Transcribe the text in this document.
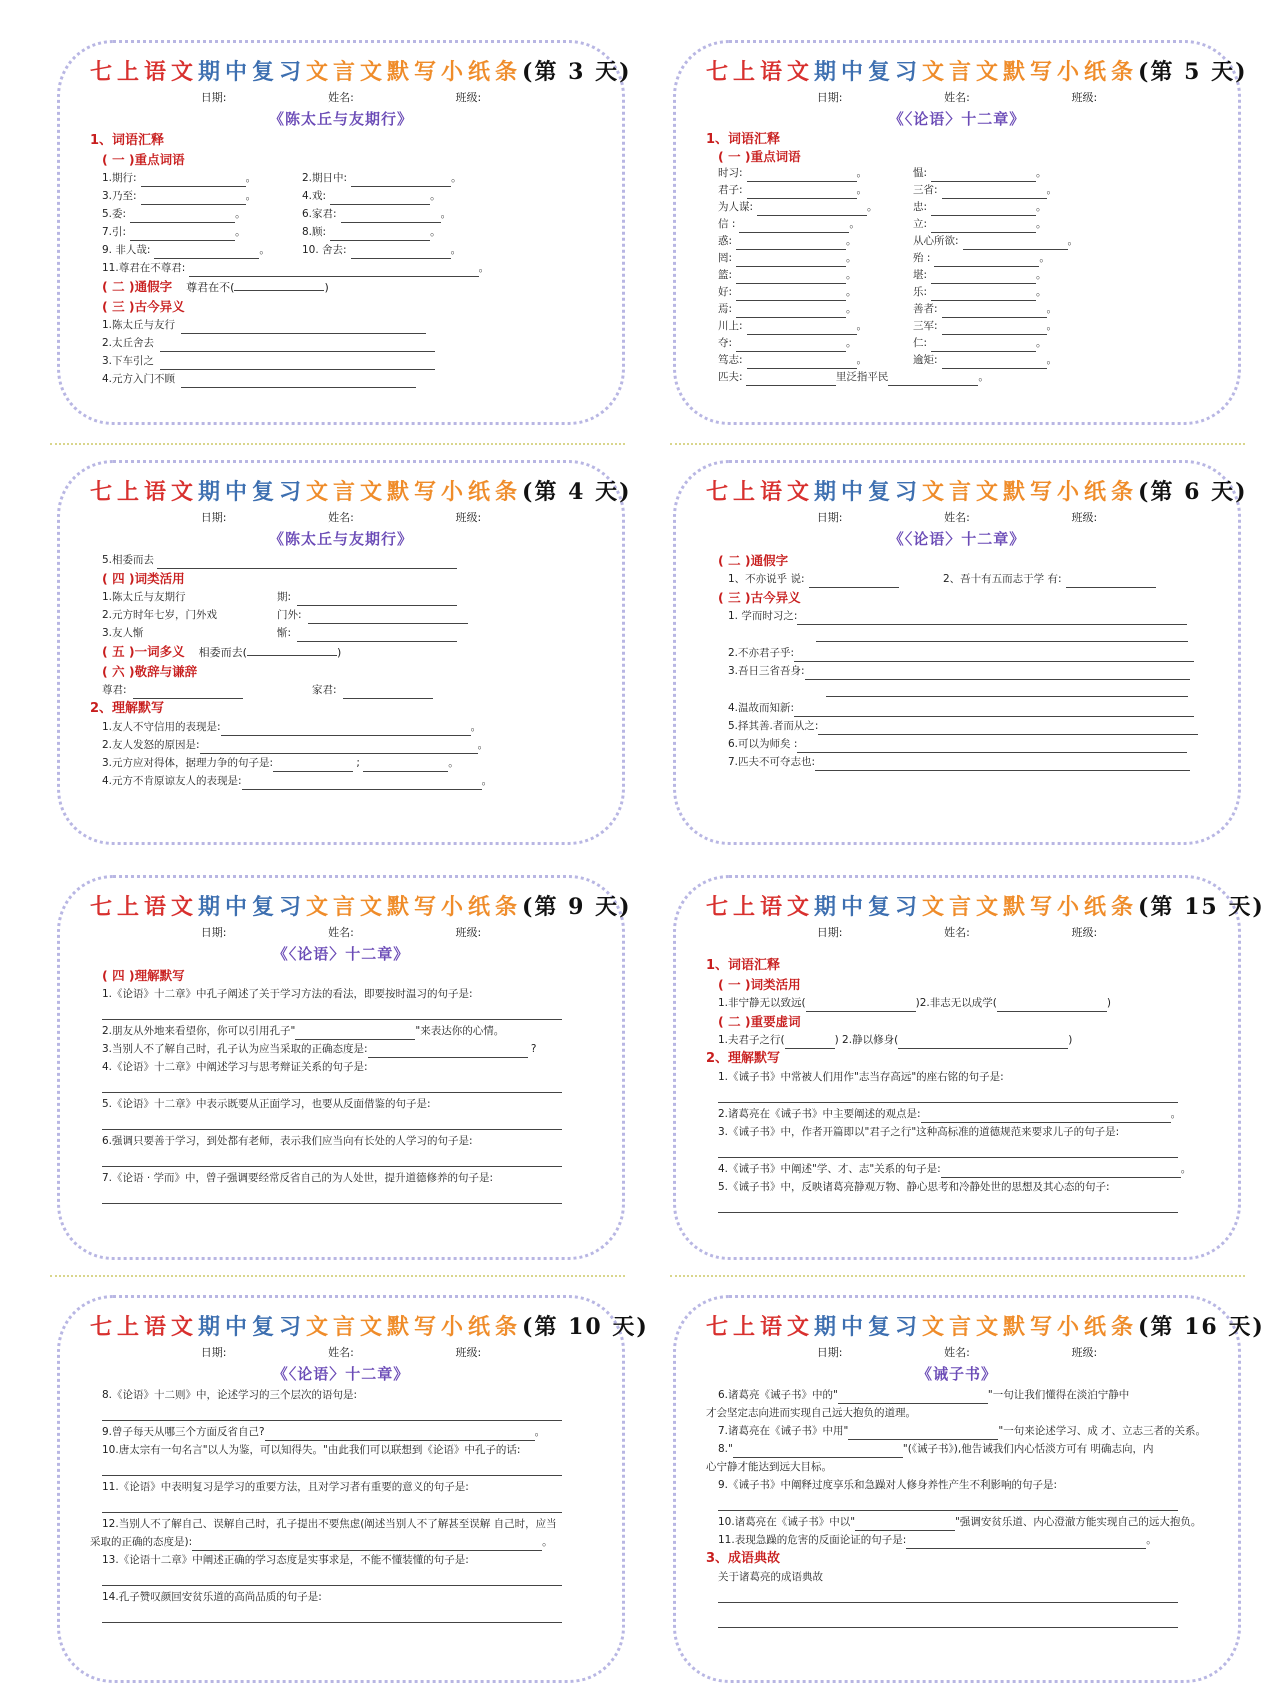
七上语文期中复习文言文默写小纸条(第 3 天)
日期:	姓名:	班级:
《陈太丘与友期行》
1、词语汇释
( 一 )重点词语
1.期行:	。	2.期日中:	。
3.乃至:	。	4.戏:	。
5.委:	。	6.家君:	。
7.引:	。	8.顾:	。
9. 非人哉:	。	10. 舍去:	。
11.尊君在不尊君:	。
( 二 )通假字 尊君在不(	)
( 三 )古今异义
1.陈太丘与友行
2.太丘舍去
3.下车引之
4.元方入门不顾
七上语文期中复习文言文默写小纸条(第 5 天)
日期:	姓名:	班级:
《〈论语〉十二章》
1、词语汇释
( 一 )重点词语
时习:	。	愠:	。
君子:	。	三省:	。
为人谋:	。	忠:	。
信 :	。	立:	。
惑:	。	从心所欲:	。
罔:	。	殆 :	。
篮:	。	堪:	。
好:	。	乐:	。
焉:	。	善者:	。
川上:	。	三军:	。
夺:	。	仁:	。
笃志:	。	逾矩:	。
匹夫:	里泛指平民	。
七上语文期中复习文言文默写小纸条(第 4 天)
日期:	姓名:	班级:
《陈太丘与友期行》
5.相委而去
( 四 )词类活用
1.陈太丘与友期行	期:
2.元方时年七岁，门外戏	门外:
3.友人惭	惭:
( 五 )一词多义 相委而去(	)
( 六 )敬辞与谦辞
尊君:	家君:
2、理解默写
1.友人不守信用的表现是:	。
2.友人发怒的原因是:	。
3.元方应对得体，据理力争的句子是:	;	。
4.元方不肯原谅友人的表现是:	。
七上语文期中复习文言文默写小纸条(第 6 天)
日期:	姓名:	班级:
《〈论语〉十二章》
( 二 )通假字
1、不亦说乎 说:	2、吾十有五而志于学 有:
( 三 )古今异义
1. 学而时习之:
2.不亦君子乎:
3.吾日三省吾身:
4.温故而知新:
5.择其善.者而从之:
6.可以为师矣 :
7.匹夫不可夺志也:
七上语文期中复习文言文默写小纸条(第 9 天)
日期:	姓名:	班级:
《〈论语〉十二章》
( 四 )理解默写
1.《论语》十二章》中孔子阐述了关于学习方法的看法，即要按时温习的句子是:
2.朋友从外地来看望你，你可以引用孔子"	"来表达你的心情。
3.当别人不了解自己时，孔子认为应当采取的正确态度是:	?
4.《论语》十二章》中阐述学习与思考辩证关系的句子是:
5.《论语》十二章》中表示既要从正面学习，也要从反面借鉴的句子是:
6.强调只要善于学习，到处都有老师，表示我们应当向有长处的人学习的句子是:
7.《论语 · 学而》中，曾子强调要经常反省自己的为人处世，提升道德修养的句子是:
七上语文期中复习文言文默写小纸条(第 15 天)
日期:	姓名:	班级:
1、词语汇释
( 一 )词类活用
1.非宁静无以致远(	)2.非志无以成学(	)
( 二 )重要虚词
1.夫君子之行(	) 2.静以修身(	)
2、理解默写
1.《诫子书》中常被人们用作"志当存高远"的座右铭的句子是:
2.诸葛亮在《诫子书》中主要阐述的观点是:	。
3.《诫子书》中，作者开篇即以"君子之行"这种高标准的道德规范来要求儿子的句子是:
4.《诫子书》中阐述"学、才、志"关系的句子是:	。
5.《诫子书》中，反映诸葛亮静观万物、静心思考和冷静处世的思想及其心态的句子:
七上语文期中复习文言文默写小纸条(第 10 天)
日期:	姓名:	班级:
《〈论语〉十二章》
8.《论语》十二则》中，论述学习的三个层次的语句是:
9.曾子每天从哪三个方面反省自己?	。
10.唐太宗有一句名言"以人为鉴，可以知得失。"由此我们可以联想到《论语》中孔子的话:
11.《论语》中表明复习是学习的重要方法，且对学习者有重要的意义的句子是:
12.当别人不了解自己、误解自己时，孔子提出不要焦虑(阐述当别人不了解甚至误解 自己时，应当
采取的正确的态度是):	。
13.《论语十二章》中阐述正确的学习态度是实事求是，不能不懂装懂的句子是:
14.孔子赞叹颜回安贫乐道的高尚品质的句子是:
七上语文期中复习文言文默写小纸条(第 16 天)
日期:	姓名:	班级:
《诫子书》
6.诸葛亮《诫子书》中的"	"一句让我们懂得在淡泊宁静中
才会坚定志向进而实现自己远大抱负的道理。
7.诸葛亮在《诫子书》中用"	"一句来论述学习、成 才、立志三者的关系。
8."	"(《诫子书》),他告诫我们内心恬淡方可有 明确志向，内
心宁静才能达到远大目标。
9.《诫子书》中阐释过度享乐和急躁对人修身养性产生不利影响的句子是:
10.诸葛亮在《诫子书》中以"	"强调安贫乐道、内心澄澈方能实现自己的远大抱负。
11.表现急躁的危害的反面论证的句子是:	。
3、成语典故
关于诸葛亮的成语典故
